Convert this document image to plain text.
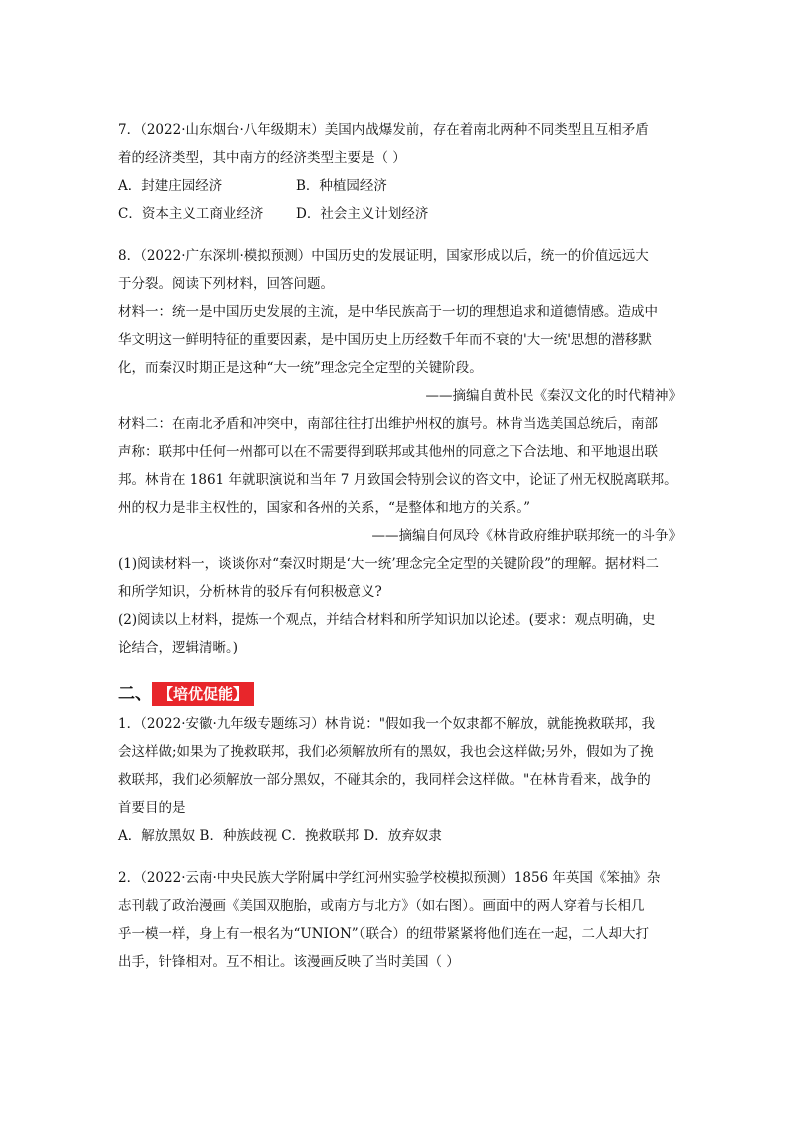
7．（2022·山东烟台·八年级期末）美国内战爆发前，存在着南北两种不同类型且互相矛盾
着的经济类型，其中南方的经济类型主要是（ ）
A．封建庄园经济	B．种植园经济
C．资本主义工商业经济	D．社会主义计划经济
8．（2022·广东深圳·模拟预测）中国历史的发展证明，国家形成以后，统一的价值远远大
于分裂。阅读下列材料，回答问题。
材料一：统一是中国历史发展的主流，是中华民族高于一切的理想追求和道德情感。造成中
华文明这一鲜明特征的重要因素，是中国历史上历经数千年而不衰的'大一统'思想的潜移默
化，而秦汉时期正是这种“大一统”理念完全定型的关键阶段。
——摘编自黄朴民《秦汉文化的时代精神》
材料二：在南北矛盾和冲突中，南部往往打出维护州权的旗号。林肯当选美国总统后，南部
声称：联邦中任何一州都可以在不需要得到联邦或其他州的同意之下合法地、和平地退出联
邦。林肯在 1861 年就职演说和当年 7 月致国会特别会议的咨文中，论证了州无权脱离联邦。
州的权力是非主权性的，国家和各州的关系，“是整体和地方的关系。”
——摘编自何凤玲《林肯政府维护联邦统一的斗争》
(1)阅读材料一，谈谈你对“秦汉时期是‘大一统’理念完全定型的关键阶段”的理解。据材料二
和所学知识，分析林肯的驳斥有何积极意义?
(2)阅读以上材料，提炼一个观点，并结合材料和所学知识加以论述。(要求：观点明确，史
论结合，逻辑清晰。)
二、 【培优促能】
1．（2022·安徽·九年级专题练习）林肯说："假如我一个奴隶都不解放，就能挽救联邦，我
会这样做;如果为了挽救联邦，我们必须解放所有的黑奴，我也会这样做;另外，假如为了挽
救联邦，我们必须解放一部分黑奴，不碰其余的，我同样会这样做。"在林肯看来，战争的
首要目的是
A．解放黑奴 B．种族歧视 C．挽救联邦 D．放弃奴隶
2．（2022·云南·中央民族大学附属中学红河州实验学校模拟预测）1856 年英国《笨抽》杂
志刊载了政治漫画《美国双胞胎，或南方与北方》（如右图）。画面中的两人穿着与长相几
乎一模一样，身上有一根名为“UNION”（联合）的纽带紧紧将他们连在一起，二人却大打
出手，针锋相对。互不相让。该漫画反映了当时美国（ ）
